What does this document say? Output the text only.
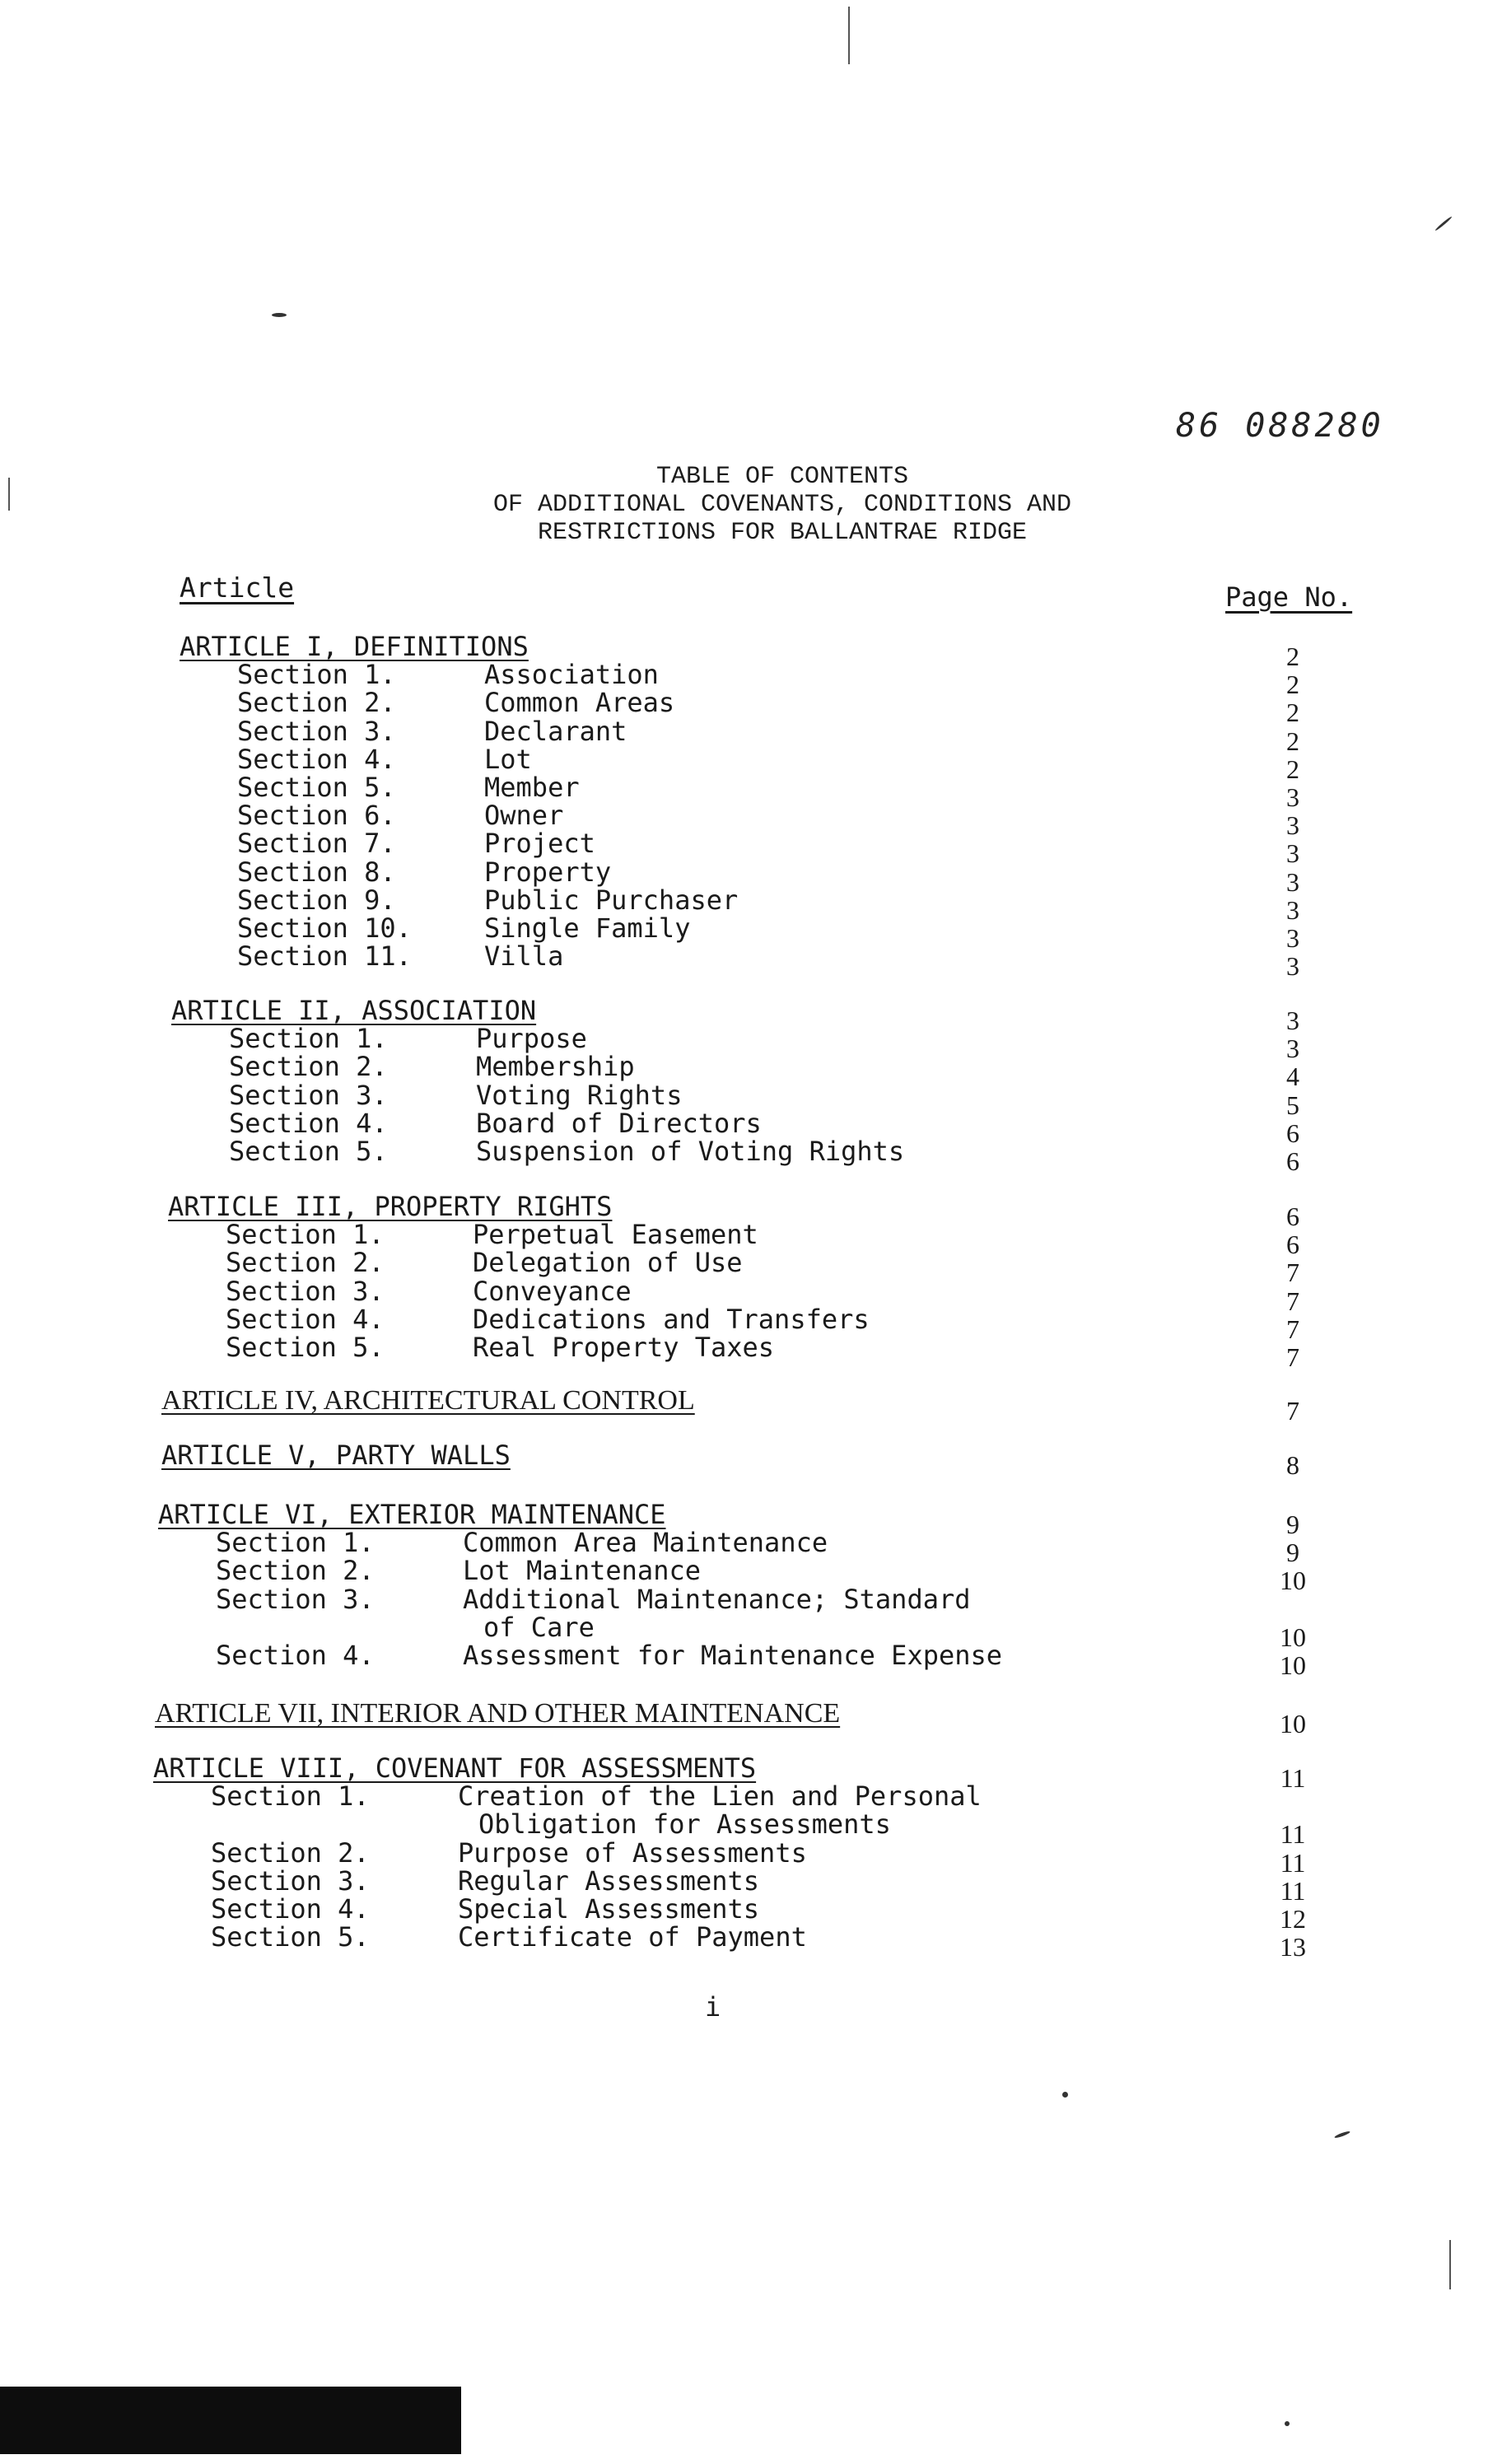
86 088280
TABLE OF CONTENTS
OF ADDITIONAL COVENANTS, CONDITIONS AND
RESTRICTIONS FOR BALLANTRAE RIDGE
Article	Page No.
ARTICLE I, DEFINITIONS	2
Section 1.	Association	2
Section 2.	Common Areas	2
Section 3.	Declarant	2
Section 4.	Lot	2
Section 5.	Member	3
Section 6.	Owner	3
Section 7.	Project	3
Section 8.	Property	3
Section 9.	Public Purchaser	3
Section 10.	Single Family	3
Section 11.	Villa	3
ARTICLE II, ASSOCIATION	3
Section 1.	Purpose	3
Section 2.	Membership	4
Section 3.	Voting Rights	5
Section 4.	Board of Directors	6
Section 5.	Suspension of Voting Rights	6
ARTICLE III, PROPERTY RIGHTS	6
Section 1.	Perpetual Easement	6
Section 2.	Delegation of Use	7
Section 3.	Conveyance	7
Section 4.	Dedications and Transfers	7
Section 5.	Real Property Taxes	7
ARTICLE IV, ARCHITECTURAL CONTROL	7
ARTICLE V, PARTY WALLS	8
ARTICLE VI, EXTERIOR MAINTENANCE	9
Section 1.	Common Area Maintenance	9
Section 2.	Lot Maintenance	10
Section 3.	Additional Maintenance; Standard
of Care	10
Section 4.	Assessment for Maintenance Expense	10
ARTICLE VII, INTERIOR AND OTHER MAINTENANCE	10
ARTICLE VIII, COVENANT FOR ASSESSMENTS	11
Section 1.	Creation of the Lien and Personal
Obligation for Assessments	11
Section 2.	Purpose of Assessments	11
Section 3.	Regular Assessments	11
Section 4.	Special Assessments	12
Section 5.	Certificate of Payment	13
i
